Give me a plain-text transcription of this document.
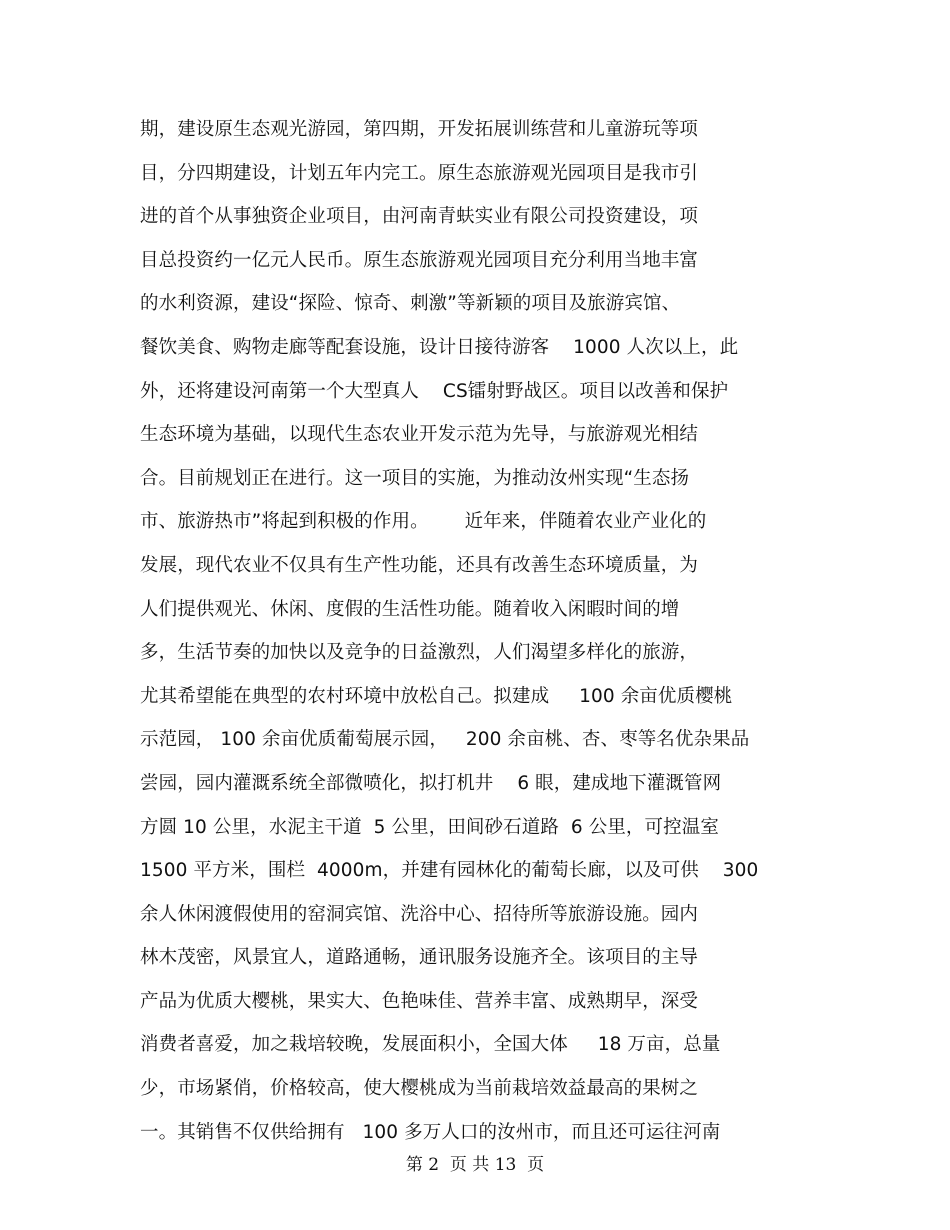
期，建设原生态观光游园，第四期，开发拓展训练营和儿童游玩等项
目，分四期建设，计划五年内完工。原生态旅游观光园项目是我市引
进的首个从事独资企业项目，由河南青蚨实业有限公司投资建设，项
目总投资约一亿元人民币。原生态旅游观光园项目充分利用当地丰富
的水利资源，建设“探险、惊奇、刺激”等新颖的项目及旅游宾馆、
餐饮美食、购物走廊等配套设施，设计日接待游客    1000 人次以上，此
外，还将建设河南第一个大型真人    CS镭射野战区。项目以改善和保护
生态环境为基础，以现代生态农业开发示范为先导，与旅游观光相结
合。目前规划正在进行。这一项目的实施，为推动汝州实现“生态扬
市、旅游热市”将起到积极的作用。      近年来，伴随着农业产业化的
发展，现代农业不仅具有生产性功能，还具有改善生态环境质量，为
人们提供观光、休闲、度假的生活性功能。随着收入闲暇时间的增
多，生活节奏的加快以及竞争的日益激烈，人们渴望多样化的旅游，
尤其希望能在典型的农村环境中放松自己。拟建成     100 余亩优质樱桃
示范园， 100 余亩优质葡萄展示园，   200 余亩桃、杏、枣等名优杂果品
尝园，园内灌溉系统全部微喷化，拟打机井    6 眼，建成地下灌溉管网
方圆 10 公里，水泥主干道  5 公里，田间砂石道路  6 公里，可控温室
1500 平方米，围栏  4000m，并建有园林化的葡萄长廊，以及可供    300
余人休闲渡假使用的窑洞宾馆、洗浴中心、招待所等旅游设施。园内
林木茂密，风景宜人，道路通畅，通讯服务设施齐全。该项目的主导
产品为优质大樱桃，果实大、色艳味佳、营养丰富、成熟期早，深受
消费者喜爱，加之栽培较晚，发展面积小，全国大体     18 万亩，总量
少，市场紧俏，价格较高，使大樱桃成为当前栽培效益最高的果树之
一。其销售不仅供给拥有   100 多万人口的汝州市，而且还可运往河南
第 2  页 共 13  页
